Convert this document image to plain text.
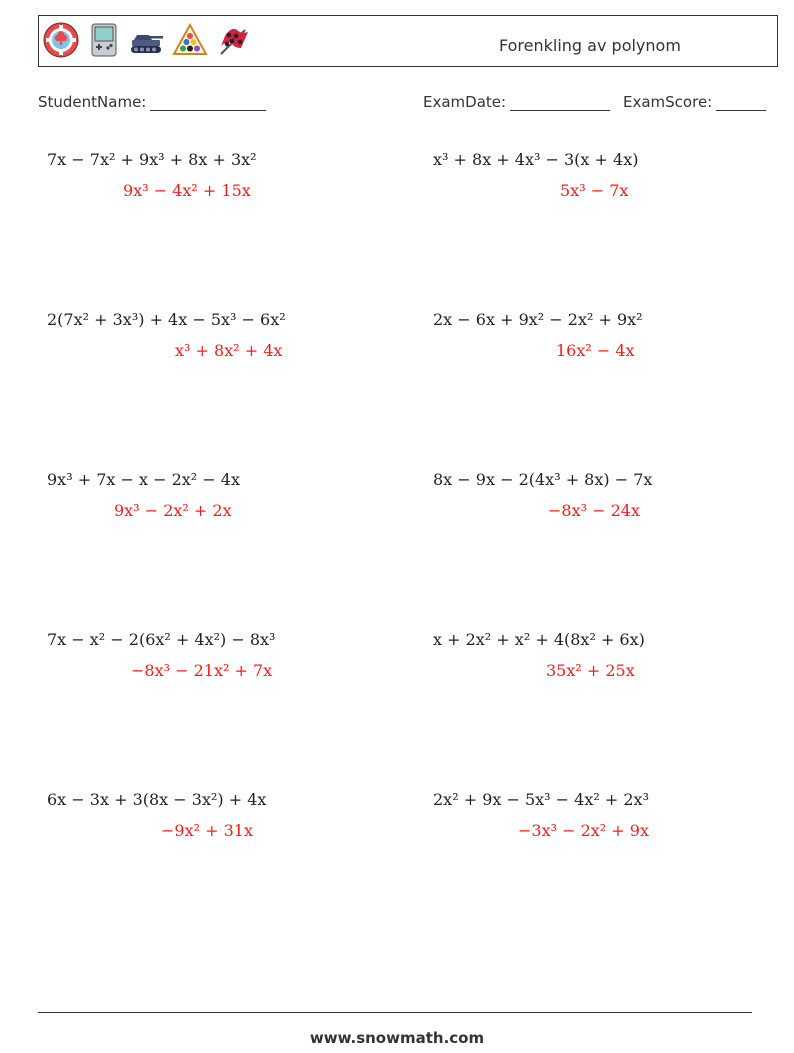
Forenkling av polynom
StudentName:	ExamDate:	ExamScore:
7x − 7x² + 9x³ + 8x + 3x²
9x³ − 4x² + 15x
x³ + 8x + 4x³ − 3(x + 4x)
5x³ − 7x
2(7x² + 3x³) + 4x − 5x³ − 6x²
x³ + 8x² + 4x
2x − 6x + 9x² − 2x² + 9x²
16x² − 4x
9x³ + 7x − x − 2x² − 4x
9x³ − 2x² + 2x
8x − 9x − 2(4x³ + 8x) − 7x
−8x³ − 24x
7x − x² − 2(6x² + 4x²) − 8x³
−8x³ − 21x² + 7x
x + 2x² + x² + 4(8x² + 6x)
35x² + 25x
6x − 3x + 3(8x − 3x²) + 4x
−9x² + 31x
2x² + 9x − 5x³ − 4x² + 2x³
−3x³ − 2x² + 9x
www.snowmath.com
